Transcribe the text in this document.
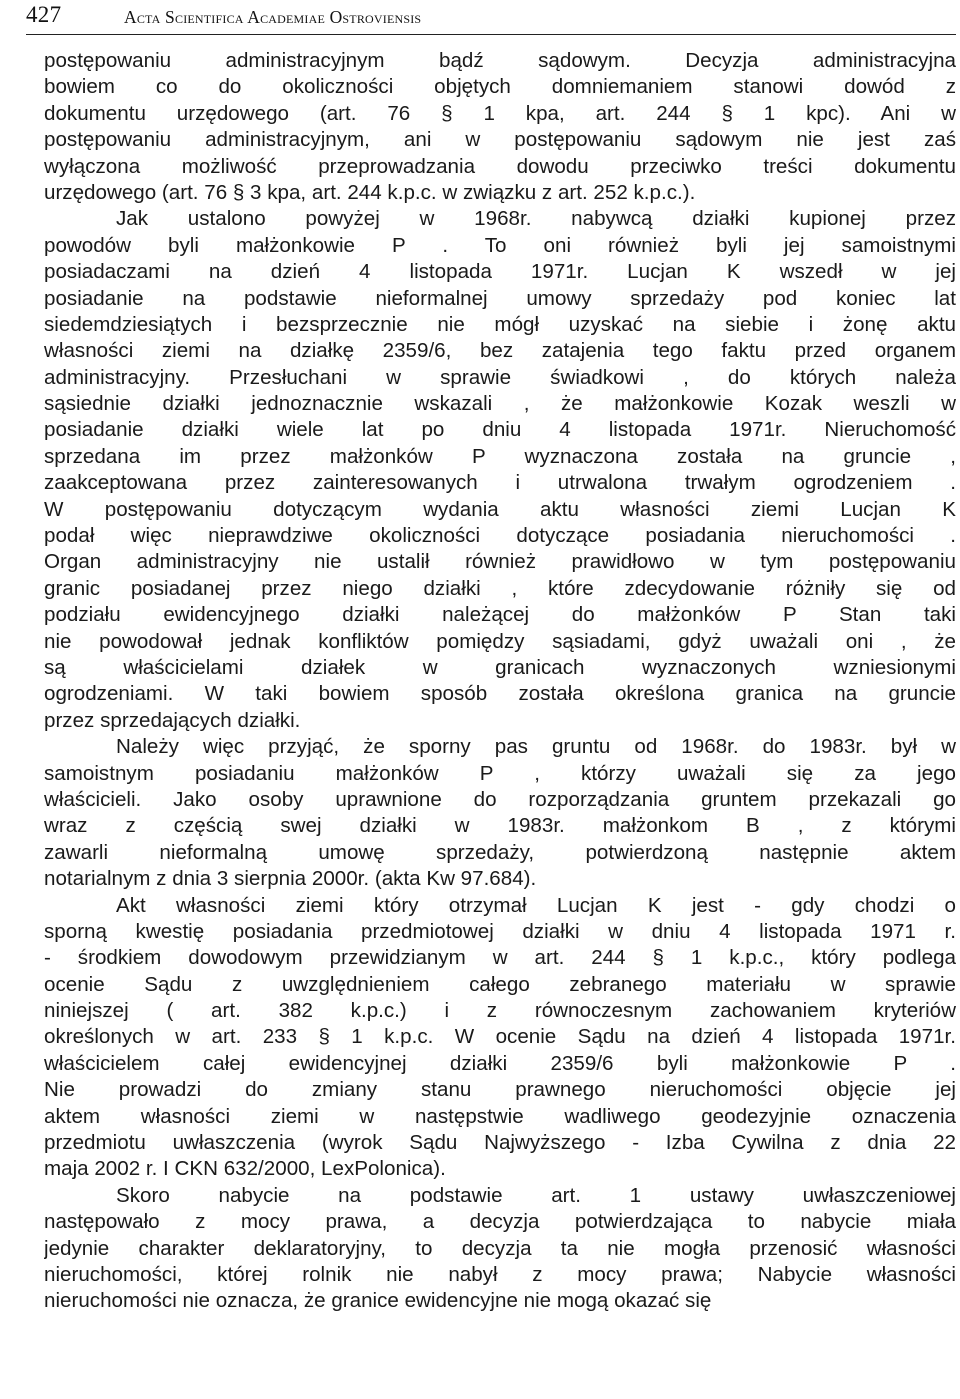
427	Acta Scientifica Academiae Ostroviensis
postępowaniu administracyjnym bądź sądowym. Decyzja administracyjna
bowiem co do okoliczności objętych domniemaniem stanowi dowód z
dokumentu urzędowego (art. 76 § 1 kpa, art. 244 § 1 kpc). Ani w
postępowaniu administracyjnym, ani w postępowaniu sądowym nie jest zaś
wyłączona możliwość przeprowadzania dowodu przeciwko treści dokumentu
urzędowego (art. 76 § 3 kpa, art. 244 k.p.c. w związku z art. 252 k.p.c.).
Jak ustalono powyżej w 1968r. nabywcą działki kupionej przez
powodów byli małżonkowie P . To oni również byli jej samoistnymi
posiadaczami na dzień 4 listopada 1971r. Lucjan K wszedł w jej
posiadanie na podstawie nieformalnej umowy sprzedaży pod koniec lat
siedemdziesiątych i bezsprzecznie nie mógł uzyskać na siebie i żonę aktu
własności ziemi na działkę 2359/6, bez zatajenia tego faktu przed organem
administracyjny. Przesłuchani w sprawie świadkowi , do których należa
sąsiednie działki jednoznacznie wskazali , że małżonkowie Kozak weszli w
posiadanie działki wiele lat po dniu 4 listopada 1971r. Nieruchomość
sprzedana im przez małżonków P wyznaczona została na gruncie ,
zaakceptowana przez zainteresowanych i utrwalona trwałym ogrodzeniem .
W postępowaniu dotyczącym wydania aktu własności ziemi Lucjan K
podał więc nieprawdziwe okoliczności dotyczące posiadania nieruchomości .
Organ administracyjny nie ustalił również prawidłowo w tym postępowaniu
granic posiadanej przez niego działki , które zdecydowanie różniły się od
podziału ewidencyjnego działki należącej do małżonków P Stan taki
nie powodował jednak konfliktów pomiędzy sąsiadami, gdyż uważali oni , że
są właścicielami działek w granicach wyznaczonych wzniesionymi
ogrodzeniami. W taki bowiem sposób została określona granica na gruncie
przez sprzedających działki.
Należy więc przyjąć, że sporny pas gruntu od 1968r. do 1983r. był w
samoistnym posiadaniu małżonków P , którzy uważali się za jego
właścicieli. Jako osoby uprawnione do rozporządzania gruntem przekazali go
wraz z częścią swej działki w 1983r. małżonkom B , z którymi
zawarli nieformalną umowę sprzedaży, potwierdzoną następnie aktem
notarialnym z dnia 3 sierpnia 2000r. (akta Kw 97.684).
Akt własności ziemi który otrzymał Lucjan K jest - gdy chodzi o
sporną kwestię posiadania przedmiotowej działki w dniu 4 listopada 1971 r.
- środkiem dowodowym przewidzianym w art. 244 § 1 k.p.c., który podlega
ocenie Sądu z uwzględnieniem całego zebranego materiału w sprawie
niniejszej ( art. 382 k.p.c.) i z równoczesnym zachowaniem kryteriów
określonych w art. 233 § 1 k.p.c. W ocenie Sądu na dzień 4 listopada 1971r.
właścicielem całej ewidencyjnej działki 2359/6 byli małżonkowie P .
Nie prowadzi do zmiany stanu prawnego nieruchomości objęcie jej
aktem własności ziemi w następstwie wadliwego geodezyjnie oznaczenia
przedmiotu uwłaszczenia (wyrok Sądu Najwyższego - Izba Cywilna z dnia 22
maja 2002 r. I CKN 632/2000, LexPolonica).
Skoro nabycie na podstawie art. 1 ustawy uwłaszczeniowej
następowało z mocy prawa, a decyzja potwierdzająca to nabycie miała
jedynie charakter deklaratoryjny, to decyzja ta nie mogła przenosić własności
nieruchomości, której rolnik nie nabył z mocy prawa; Nabycie własności
nieruchomości nie oznacza, że granice ewidencyjne nie mogą okazać się
